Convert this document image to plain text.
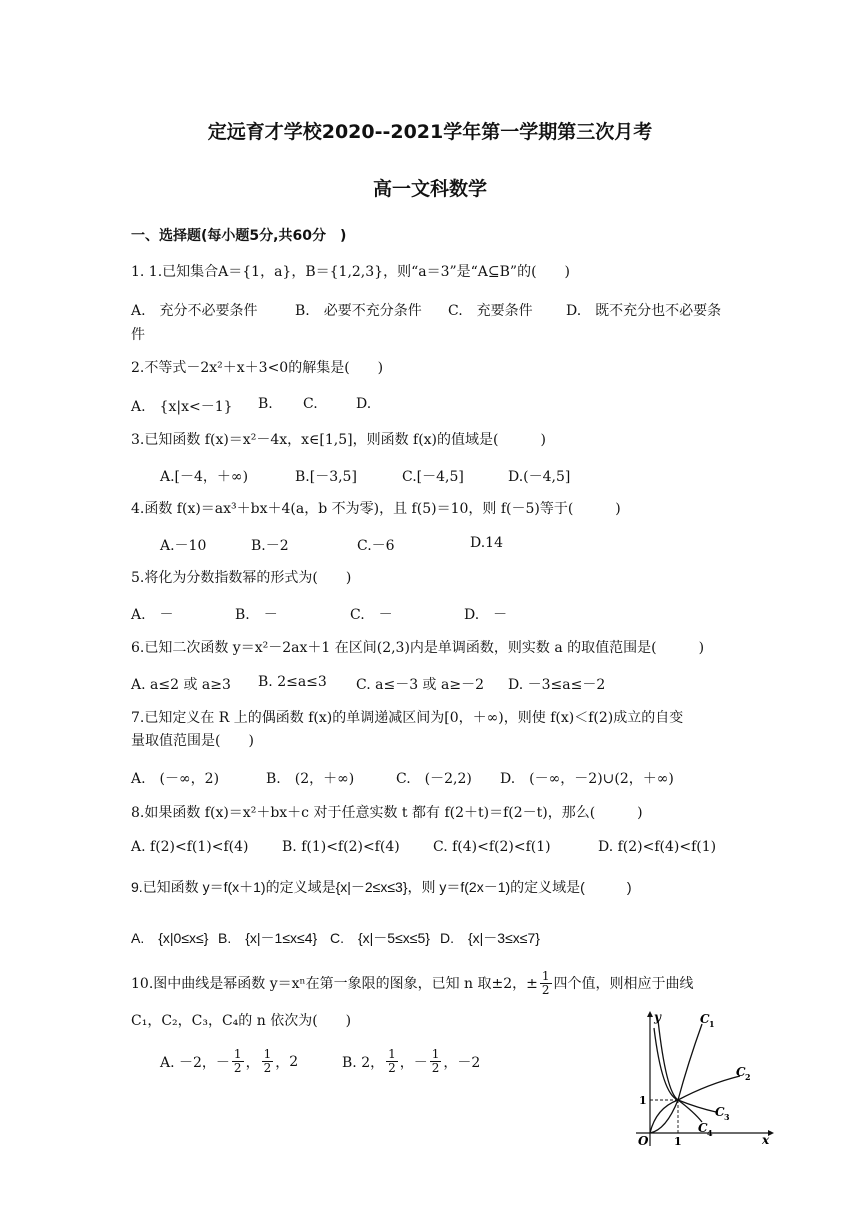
定远育才学校2020--2021学年第一学期第三次月考
高一文科数学
一、选择题(每小题5分,共60分　)
1. 1.已知集合A＝{1，a}，B＝{1,2,3}，则“a＝3”是“A⊆B”的(　　)
A.　充分不必要条件	B.　必要不充分条件 C.　充要条件 D.　既不充分也不必要条
件
2.不等式－2x²＋x＋3<0的解集是(　　)
A.　{x|x<－1} B. C.	D.
3.已知函数 f(x)＝x²－4x，x∈[1,5]，则函数 f(x)的值域是(　　　)
A.[－4，＋∞)	B.[－3,5]	C.[－4,5]	D.(－4,5]
4.函数 f(x)＝ax³＋bx＋4(a，b 不为零)，且 f(5)＝10，则 f(－5)等于(　　　)
A.－10	B.－2	C.－6	D.14
5.将化为分数指数幂的形式为(　　)
A.　－	B.　－	C.　－	D.　－
6.已知二次函数 y＝x²－2ax＋1 在区间(2,3)内是单调函数，则实数 a 的取值范围是(　　　)
A. a≤2 或 a≥3 B. 2≤a≤3 C. a≤－3 或 a≥－2 D. －3≤a≤－2
7.已知定义在 R 上的偶函数 f(x)的单调递减区间为[0，＋∞)，则使 f(x)＜f(2)成立的自变
量取值范围是(　　)
A.　(－∞，2)	B.　(2，＋∞)	C.　(－2,2) D.　(－∞，－2)∪(2，＋∞)
8.如果函数 f(x)＝x²＋bx＋c 对于任意实数 t 都有 f(2＋t)＝f(2－t)，那么(　　　)
A. f(2)<f(1)<f(4) B. f(1)<f(2)<f(4) C. f(4)<f(2)<f(1)	D. f(2)<f(4)<f(1)
9.已知函数 y＝f(x＋1)的定义域是{x|－2≤x≤3}，则 y＝f(2x－1)的定义域是(　　　)
A.　{x|0≤x≤} B.　{x|－1≤x≤4} C.　{x|－5≤x≤5} D.　{x|－3≤x≤7}
10.图中曲线是幂函数 y＝xⁿ在第一象限的图象，已知 n 取±2，± $\frac{1}{2}$ 四个值，则相应于曲线
C₁，C₂，C₃，C₄的 n 依次为(　　)
A. －2，－ $\frac{1}{2}$ ， $\frac{1}{2}$ ， 2	B. 2， $\frac{1}{2}$ ， － $\frac{1}{2}$ ， －2
y
x
O 1
1
C 1
C 2
C 3
C 4
